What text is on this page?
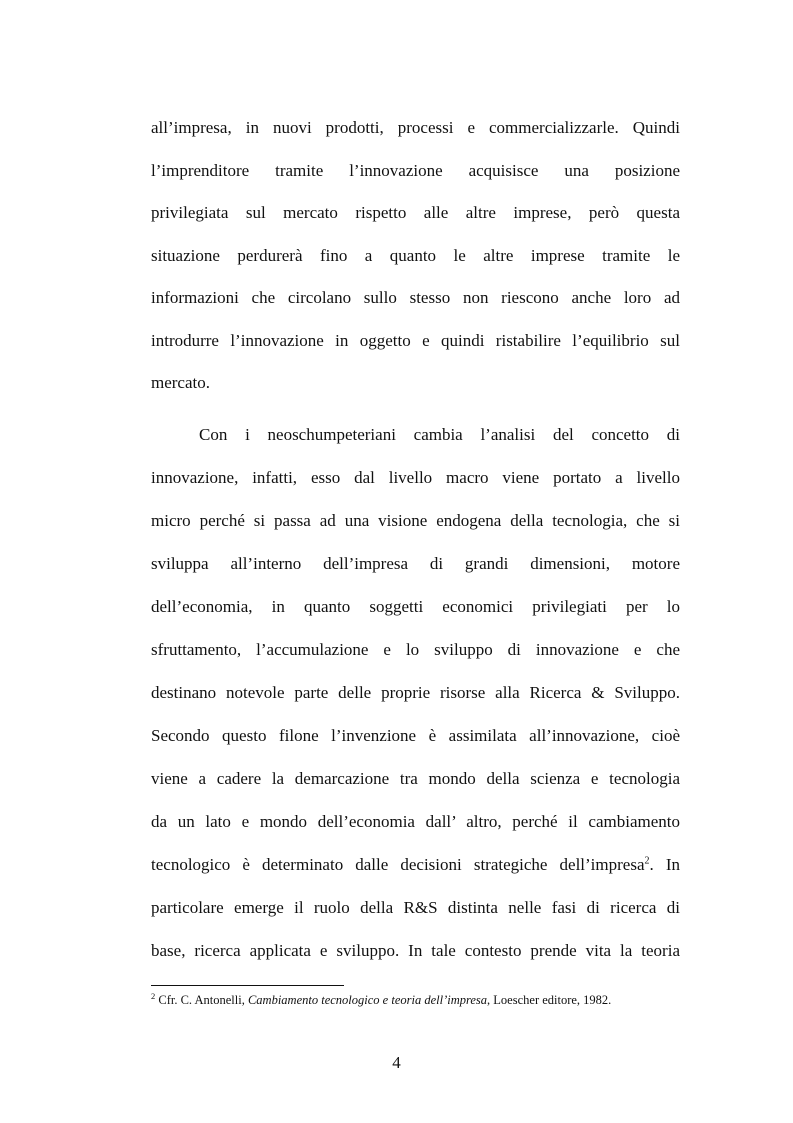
all’impresa, in nuovi prodotti, processi e commercializzarle. Quindi
l’imprenditore tramite l’innovazione acquisisce una posizione
privilegiata sul mercato rispetto alle altre imprese, però questa
situazione perdurerà fino a quanto le altre imprese tramite le
informazioni che circolano sullo stesso non riescono anche loro ad
introdurre l’innovazione in oggetto e quindi ristabilire l’equilibrio sul
mercato.
Con i neoschumpeteriani cambia l’analisi del concetto di
innovazione, infatti, esso dal livello macro viene portato a livello
micro perché si passa ad una visione endogena della tecnologia, che si
sviluppa all’interno dell’impresa di grandi dimensioni, motore
dell’economia, in quanto soggetti economici privilegiati per lo
sfruttamento, l’accumulazione e lo sviluppo di innovazione e che
destinano notevole parte delle proprie risorse alla Ricerca & Sviluppo.
Secondo questo filone l’invenzione è assimilata all’innovazione, cioè
viene a cadere la demarcazione tra mondo della scienza e tecnologia
da un lato e mondo dell’economia dall’ altro, perché il cambiamento
tecnologico è determinato dalle decisioni strategiche dell’impresa$^2$. In
particolare emerge il ruolo della R&S distinta nelle fasi di ricerca di
base, ricerca applicata e sviluppo. In tale contesto prende vita la teoria
$^2$ Cfr. C. Antonelli, Cambiamento tecnologico e teoria dell’impresa, Loescher editore, 1982.
4
